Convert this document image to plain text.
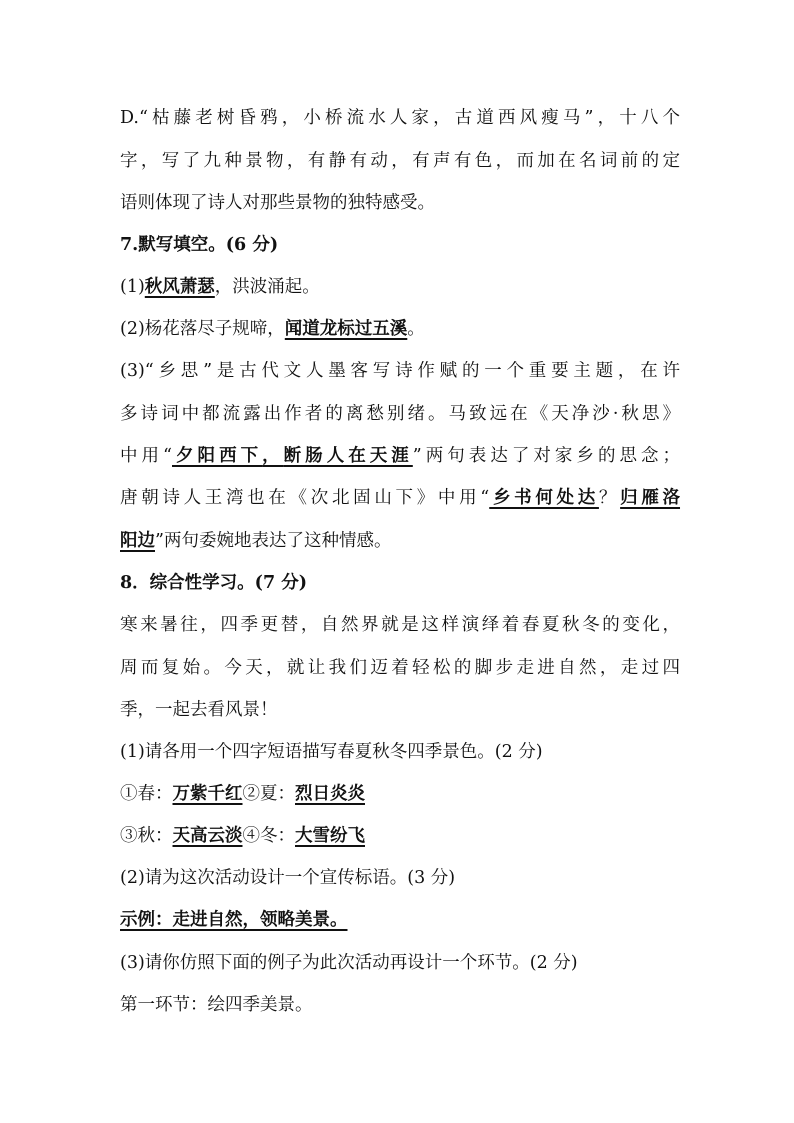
D.“枯藤老树昏鸦，小桥流水人家，古道西风瘦马”，十八个
字，写了九种景物，有静有动，有声有色，而加在名词前的定
语则体现了诗人对那些景物的独特感受。
7.默写填空。(6 分)
(1)秋风萧瑟，洪波涌起。
(2)杨花落尽子规啼，闻道龙标过五溪。
(3)“乡思”是古代文人墨客写诗作赋的一个重要主题，在许
多诗词中都流露出作者的离愁别绪。马致远在《天净沙·秋思》
中用“夕阳西下，断肠人在天涯”两句表达了对家乡的思念；
唐朝诗人王湾也在《次北固山下》中用“乡书何处达？归雁洛
阳边”两句委婉地表达了这种情感。
8．综合性学习。(7 分)
寒来暑往，四季更替，自然界就是这样演绎着春夏秋冬的变化，
周而复始。今天，就让我们迈着轻松的脚步走进自然，走过四
季，一起去看风景！
(1)请各用一个四字短语描写春夏秋冬四季景色。(2 分)
①春：万紫千红②夏：烈日炎炎
③秋：天高云淡④冬：大雪纷飞
(2)请为这次活动设计一个宣传标语。(3 分)
示例：走进自然，领略美景。
(3)请你仿照下面的例子为此次活动再设计一个环节。(2 分)
第一环节：绘四季美景。
